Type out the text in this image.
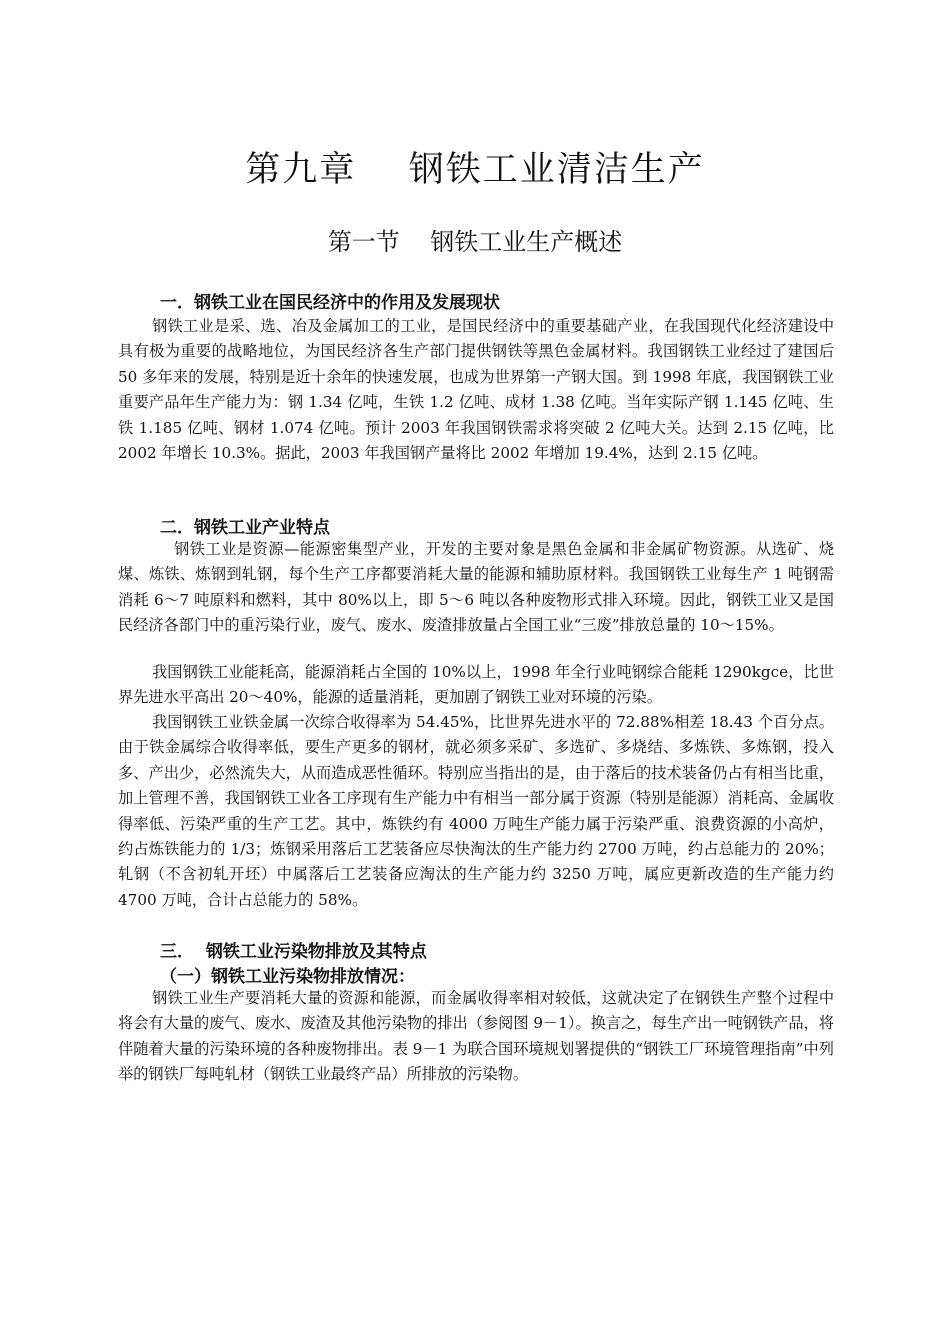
第九章 钢铁工业清洁生产
第一节 钢铁工业生产概述
一．钢铁工业在国民经济中的作用及发展现状

钢铁工业是采、选、冶及金属加工的工业，是国民经济中的重要基础产业，在我国现代化经济建设中具有极为重要的战略地位，为国民经济各生产部门提供钢铁等黑色金属材料。我国钢铁工业经过了建国后 50 多年来的发展，特别是近十余年的快速发展，也成为世界第一产钢大国。到 1998 年底，我国钢铁工业重要产品年生产能力为：钢 1.34 亿吨，生铁 1.2 亿吨、成材 1.38 亿吨。当年实际产钢 1.145 亿吨、生铁 1.185 亿吨、钢材 1.074 亿吨。预计 2003 年我国钢铁需求将突破 2 亿吨大关。达到 2.15 亿吨，比 2002 年增长 10.3%。据此，2003 年我国钢产量将比 2002 年增加 19.4%，达到 2.15 亿吨。

二．钢铁工业产业特点

钢铁工业是资源—能源密集型产业，开发的主要对象是黑色金属和非金属矿物资源。从选矿、烧煤、炼铁、炼钢到轧钢，每个生产工序都要消耗大量的能源和辅助原材料。我国钢铁工业每生产 1 吨钢需消耗 6～7 吨原料和燃料，其中 80%以上，即 5～6 吨以各种废物形式排入环境。因此，钢铁工业又是国民经济各部门中的重污染行业，废气、废水、废渣排放量占全国工业“三废”排放总量的 10～15%。

我国钢铁工业能耗高，能源消耗占全国的 10%以上，1998 年全行业吨钢综合能耗 1290kgce，比世界先进水平高出 20～40%，能源的适量消耗，更加剧了钢铁工业对环境的污染。

我国钢铁工业铁金属一次综合收得率为 54.45%，比世界先进水平的 72.88%相差 18.43 个百分点。由于铁金属综合收得率低，要生产更多的钢材，就必须多采矿、多选矿、多烧结、多炼铁、多炼钢，投入多、产出少，必然流失大，从而造成恶性循环。特别应当指出的是，由于落后的技术装备仍占有相当比重，加上管理不善，我国钢铁工业各工序现有生产能力中有相当一部分属于资源（特别是能源）消耗高、金属收得率低、污染严重的生产工艺。其中，炼铁约有 4000 万吨生产能力属于污染严重、浪费资源的小高炉，约占炼铁能力的 1/3；炼钢采用落后工艺装备应尽快淘汰的生产能力约 2700 万吨，约占总能力的 20%；轧钢（不含初轧开坯）中属落后工艺装备应淘汰的生产能力约 3250 万吨，属应更新改造的生产能力约 4700 万吨，合计占总能力的 58%。

三．  钢铁工业污染物排放及其特点
（一）钢铁工业污染物排放情况：

钢铁工业生产要消耗大量的资源和能源，而金属收得率相对较低，这就决定了在钢铁生产整个过程中将会有大量的废气、废水、废渣及其他污染物的排出（参阅图 9－1）。换言之，每生产出一吨钢铁产品，将伴随着大量的污染环境的各种废物排出。表 9－1 为联合国环境规划署提供的“钢铁工厂环境管理指南”中列举的钢铁厂每吨轧材（钢铁工业最终产品）所排放的污染物。
